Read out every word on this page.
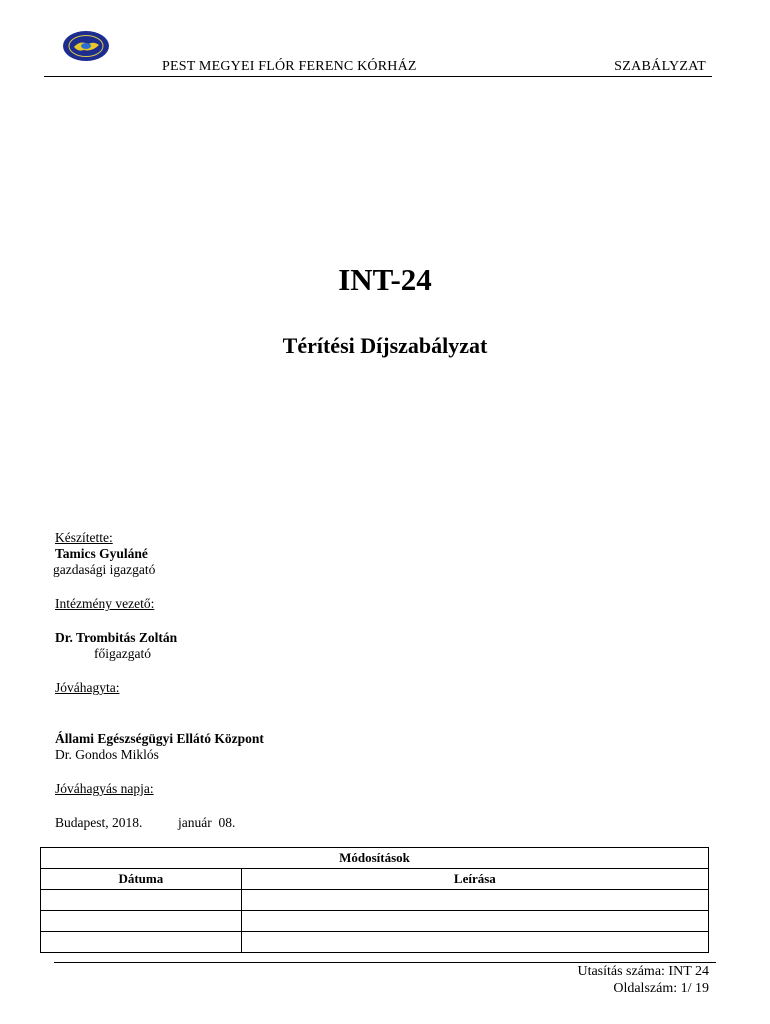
PEST MEGYEI FLÓR FERENC KÓRHÁZ	SZABÁLYZAT
INT-24
Térítési Díjszabályzat
Készítette:
Tamics Gyuláné
gazdasági igazgató
Intézmény vezető:
Dr. Trombitás Zoltán
főigazgató
Jóváhagyta:
Állami Egészségügyi Ellátó Központ
Dr. Gondos Miklós
Jóváhagyás napja:
Budapest, 2018.	január  08.
Módosítások	
Dátuma	Leírása

Utasítás száma: INT 24
Oldalszám: 1/ 19
